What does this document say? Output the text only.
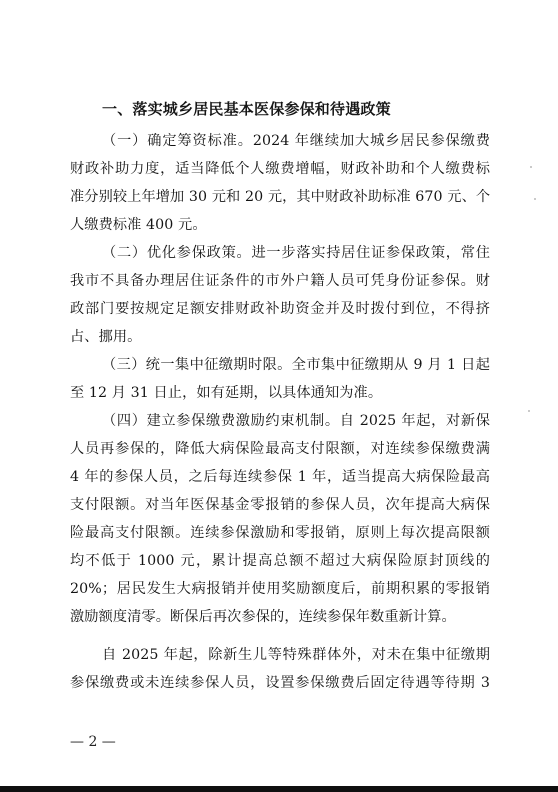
一、落实城乡居民基本医保参保和待遇政策
（一）确定筹资标准。2024 年继续加大城乡居民参保缴费
财政补助力度，适当降低个人缴费增幅，财政补助和个人缴费标
准分别较上年增加 30 元和 20 元，其中财政补助标准 670 元、个
人缴费标准 400 元。
（二）优化参保政策。进一步落实持居住证参保政策，常住
我市不具备办理居住证条件的市外户籍人员可凭身份证参保。财
政部门要按规定足额安排财政补助资金并及时拨付到位，不得挤
占、挪用。
（三）统一集中征缴期时限。全市集中征缴期从 9 月 1 日起
至 12 月 31 日止，如有延期，以具体通知为准。
（四）建立参保缴费激励约束机制。自 2025 年起，对新保
人员再参保的，降低大病保险最高支付限额，对连续参保缴费满
4 年的参保人员，之后每连续参保 1 年，适当提高大病保险最高
支付限额。对当年医保基金零报销的参保人员，次年提高大病保
险最高支付限额。连续参保激励和零报销，原则上每次提高限额
均不低于 1000 元，累计提高总额不超过大病保险原封顶线的
20%；居民发生大病报销并使用奖励额度后，前期积累的零报销
激励额度清零。断保后再次参保的，连续参保年数重新计算。
自 2025 年起，除新生儿等特殊群体外，对未在集中征缴期
参保缴费或未连续参保人员，设置参保缴费后固定待遇等待期 3
— 2 —
